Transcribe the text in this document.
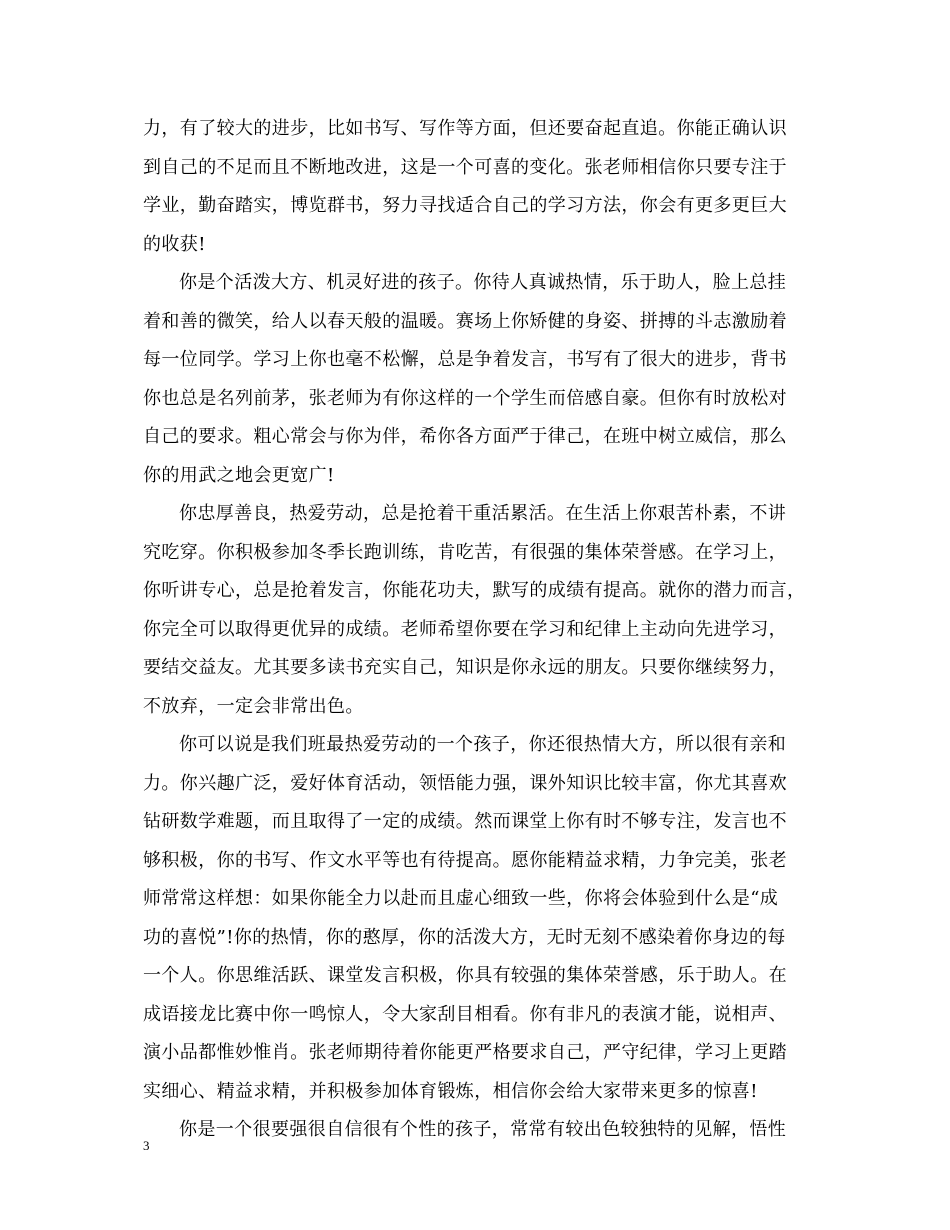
力，有了较大的进步，比如书写、写作等方面，但还要奋起直追。你能正确认识
到自己的不足而且不断地改进，这是一个可喜的变化。张老师相信你只要专注于
学业，勤奋踏实，博览群书，努力寻找适合自己的学习方法，你会有更多更巨大
的收获!
你是个活泼大方、机灵好进的孩子。你待人真诚热情，乐于助人，脸上总挂
着和善的微笑，给人以春天般的温暖。赛场上你矫健的身姿、拼搏的斗志激励着
每一位同学。学习上你也毫不松懈，总是争着发言，书写有了很大的进步，背书
你也总是名列前茅，张老师为有你这样的一个学生而倍感自豪。但你有时放松对
自己的要求。粗心常会与你为伴，希你各方面严于律己，在班中树立威信，那么
你的用武之地会更宽广!
你忠厚善良，热爱劳动，总是抢着干重活累活。在生活上你艰苦朴素，不讲
究吃穿。你积极参加冬季长跑训练，肯吃苦，有很强的集体荣誉感。在学习上，
你听讲专心，总是抢着发言，你能花功夫，默写的成绩有提高。就你的潜力而言，
你完全可以取得更优异的成绩。老师希望你要在学习和纪律上主动向先进学习，
要结交益友。尤其要多读书充实自己，知识是你永远的朋友。只要你继续努力，
不放弃，一定会非常出色。
你可以说是我们班最热爱劳动的一个孩子，你还很热情大方，所以很有亲和
力。你兴趣广泛，爱好体育活动，领悟能力强，课外知识比较丰富，你尤其喜欢
钻研数学难题，而且取得了一定的成绩。然而课堂上你有时不够专注，发言也不
够积极，你的书写、作文水平等也有待提高。愿你能精益求精，力争完美，张老
师常常这样想：如果你能全力以赴而且虚心细致一些，你将会体验到什么是“成
功的喜悦”!你的热情，你的憨厚，你的活泼大方，无时无刻不感染着你身边的每
一个人。你思维活跃、课堂发言积极，你具有较强的集体荣誉感，乐于助人。在
成语接龙比赛中你一鸣惊人，令大家刮目相看。你有非凡的表演才能，说相声、
演小品都惟妙惟肖。张老师期待着你能更严格要求自己，严守纪律，学习上更踏
实细心、精益求精，并积极参加体育锻炼，相信你会给大家带来更多的惊喜!
你是一个很要强很自信很有个性的孩子，常常有较出色较独特的见解，悟性
3
